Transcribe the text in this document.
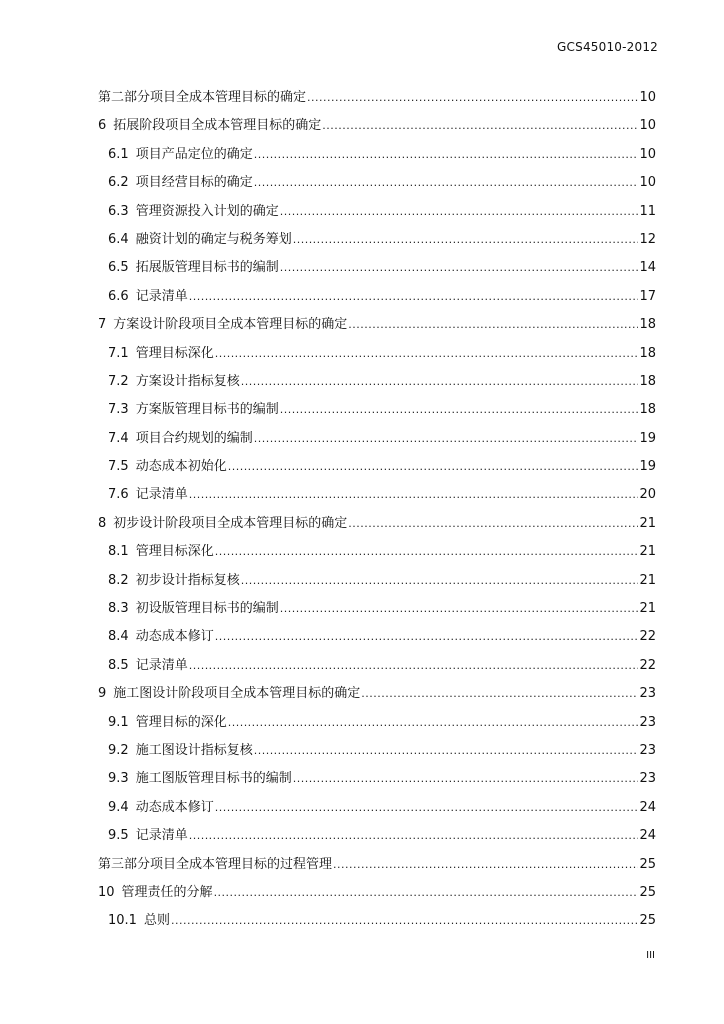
GCS45010-2012
第二部分项目全成本管理目标的确定 .....	10
6 拓展阶段项目全成本管理目标的确定 .....	10
6.1 项目产品定位的确定 .....	10
6.2 项目经营目标的确定 .....	10
6.3 管理资源投入计划的确定 .....	11
6.4 融资计划的确定与税务筹划 .....	12
6.5 拓展版管理目标书的编制 .....	14
6.6 记录清单 .....	17
7 方案设计阶段项目全成本管理目标的确定 .....	18
7.1 管理目标深化 .....	18
7.2 方案设计指标复核 .....	18
7.3 方案版管理目标书的编制 .....	18
7.4 项目合约规划的编制 .....	19
7.5 动态成本初始化 .....	19
7.6 记录清单 .....	20
8 初步设计阶段项目全成本管理目标的确定 .....	21
8.1 管理目标深化 .....	21
8.2 初步设计指标复核 .....	21
8.3 初设版管理目标书的编制 .....	21
8.4 动态成本修订 .....	22
8.5 记录清单 .....	22
9 施工图设计阶段项目全成本管理目标的确定 .....	23
9.1 管理目标的深化 .....	23
9.2 施工图设计指标复核 .....	23
9.3 施工图版管理目标书的编制 .....	23
9.4 动态成本修订 .....	24
9.5 记录清单 .....	24
第三部分项目全成本管理目标的过程管理 .....	25
10 管理责任的分解 .....	25
10.1 总则 .....	25
III
